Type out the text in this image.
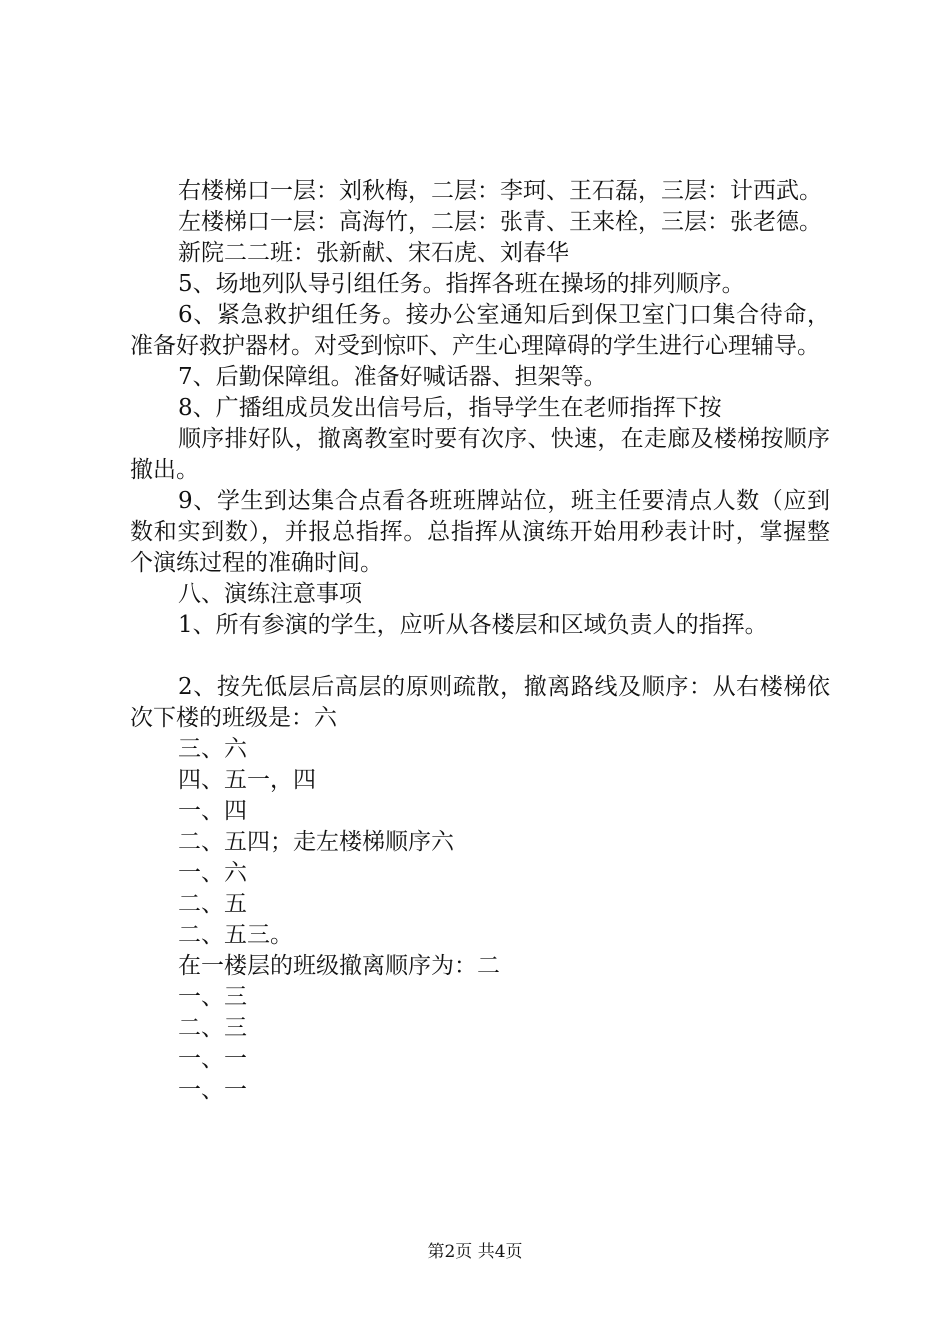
右楼梯口一层：刘秋梅，二层：李珂、王石磊，三层：计西武。

左楼梯口一层：高海竹，二层：张青、王来栓，三层：张老德。

新院二二班：张新献、宋石虎、刘春华

5、场地列队导引组任务。指挥各班在操场的排列顺序。

6、紧急救护组任务。接办公室通知后到保卫室门口集合待命，准备好救护器材。对受到惊吓、产生心理障碍的学生进行心理辅导。

7、后勤保障组。准备好喊话器、担架等。

8、广播组成员发出信号后，指导学生在老师指挥下按

顺序排好队，撤离教室时要有次序、快速，在走廊及楼梯按顺序撤出。

9、学生到达集合点看各班班牌站位，班主任要清点人数（应到数和实到数），并报总指挥。总指挥从演练开始用秒表计时，掌握整个演练过程的准确时间。

八、演练注意事项

1、所有参演的学生，应听从各楼层和区域负责人的指挥。

2、按先低层后高层的原则疏散，撤离路线及顺序：从右楼梯依次下楼的班级是：六

三、六

四、五一，四

一、四

二、五四；走左楼梯顺序六

一、六

二、五

二、五三。

在一楼层的班级撤离顺序为：二

一、三

二、三

一、一

一、一

第2页 共4页
